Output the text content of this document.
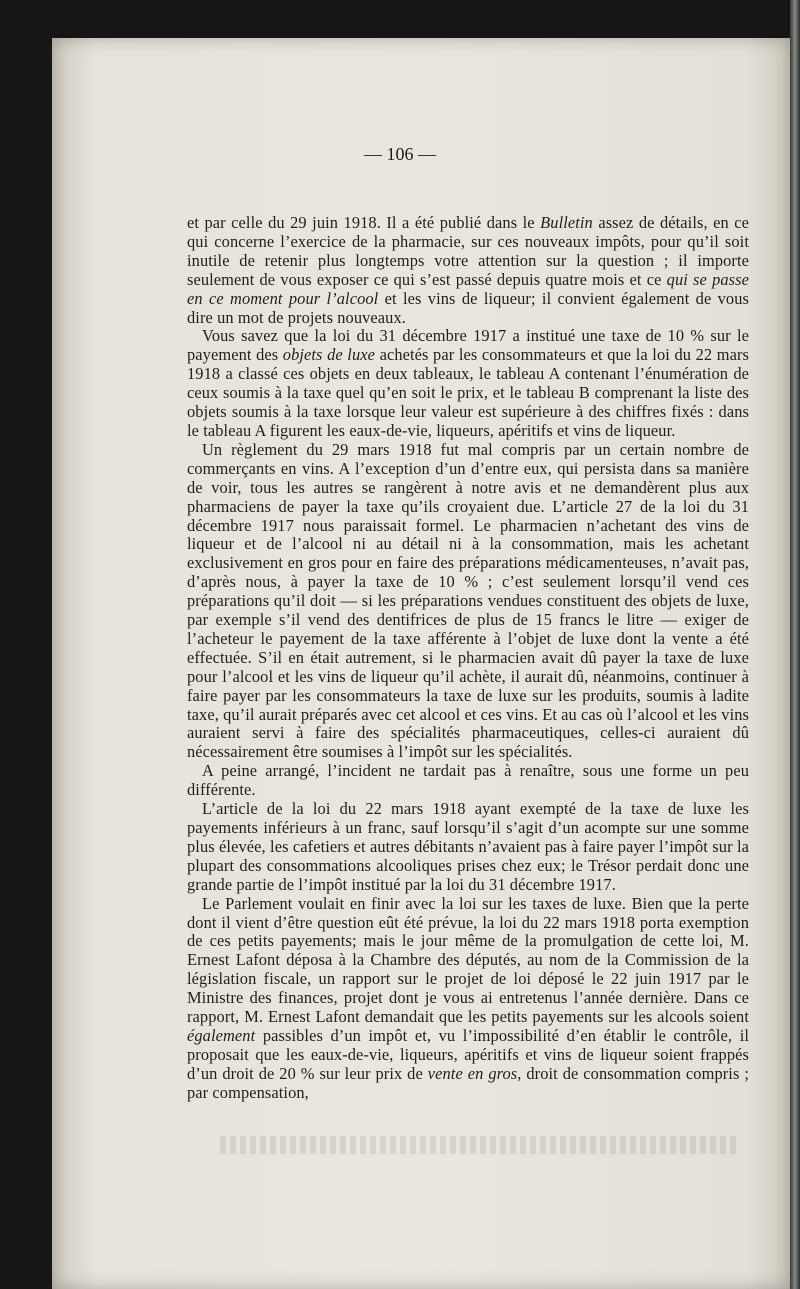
— 106 —

et par celle du 29 juin 1918. Il a été publié dans le Bulletin assez de détails, en ce qui concerne l’exercice de la pharmacie, sur ces nouveaux impôts, pour qu’il soit inutile de retenir plus longtemps votre attention sur la question ; il importe seulement de vous exposer ce qui s’est passé depuis quatre mois et ce qui se passe en ce moment pour l’alcool et les vins de liqueur; il convient également de vous dire un mot de projets nouveaux.

Vous savez que la loi du 31 décembre 1917 a institué une taxe de 10 % sur le payement des objets de luxe achetés par les consommateurs et que la loi du 22 mars 1918 a classé ces objets en deux tableaux, le tableau A contenant l’énumération de ceux soumis à la taxe quel qu’en soit le prix, et le tableau B comprenant la liste des objets soumis à la taxe lorsque leur valeur est supérieure à des chiffres fixés : dans le tableau A figurent les eaux-de-vie, liqueurs, apéritifs et vins de liqueur.

Un règlement du 29 mars 1918 fut mal compris par un certain nombre de commerçants en vins. A l’exception d’un d’entre eux, qui persista dans sa manière de voir, tous les autres se rangèrent à notre avis et ne demandèrent plus aux pharmaciens de payer la taxe qu’ils croyaient due. L’article 27 de la loi du 31 décembre 1917 nous paraissait formel. Le pharmacien n’achetant des vins de liqueur et de l’alcool ni au détail ni à la consommation, mais les achetant exclusivement en gros pour en faire des préparations médicamenteuses, n’avait pas, d’après nous, à payer la taxe de 10 % ; c’est seulement lorsqu’il vend ces préparations qu’il doit — si les préparations vendues constituent des objets de luxe, par exemple s’il vend des dentifrices de plus de 15 francs le litre — exiger de l’acheteur le payement de la taxe afférente à l’objet de luxe dont la vente a été effectuée. S’il en était autrement, si le pharmacien avait dû payer la taxe de luxe pour l’alcool et les vins de liqueur qu’il achète, il aurait dû, néanmoins, continuer à faire payer par les consommateurs la taxe de luxe sur les produits, soumis à ladite taxe, qu’il aurait préparés avec cet alcool et ces vins. Et au cas où l’alcool et les vins auraient servi à faire des spécialités pharmaceutiques, celles-ci auraient dû nécessairement être soumises à l’impôt sur les spécialités.

A peine arrangé, l’incident ne tardait pas à renaître, sous une forme un peu différente.

L’article de la loi du 22 mars 1918 ayant exempté de la taxe de luxe les payements inférieurs à un franc, sauf lorsqu’il s’agit d’un acompte sur une somme plus élevée, les cafetiers et autres débitants n’avaient pas à faire payer l’impôt sur la plupart des consommations alcooliques prises chez eux; le Trésor perdait donc une grande partie de l’impôt institué par la loi du 31 décembre 1917.

Le Parlement voulait en finir avec la loi sur les taxes de luxe. Bien que la perte dont il vient d’être question eût été prévue, la loi du 22 mars 1918 porta exemption de ces petits payements; mais le jour même de la promulgation de cette loi, M. Ernest Lafont déposa à la Chambre des députés, au nom de la Commission de la législation fiscale, un rapport sur le projet de loi déposé le 22 juin 1917 par le Ministre des finances, projet dont je vous ai entretenus l’année dernière. Dans ce rapport, M. Ernest Lafont demandait que les petits payements sur les alcools soient également passibles d’un impôt et, vu l’impossibilité d’en établir le contrôle, il proposait que les eaux-de-vie, liqueurs, apéritifs et vins de liqueur soient frappés d’un droit de 20 % sur leur prix de vente en gros, droit de consommation compris ; par compensation,
